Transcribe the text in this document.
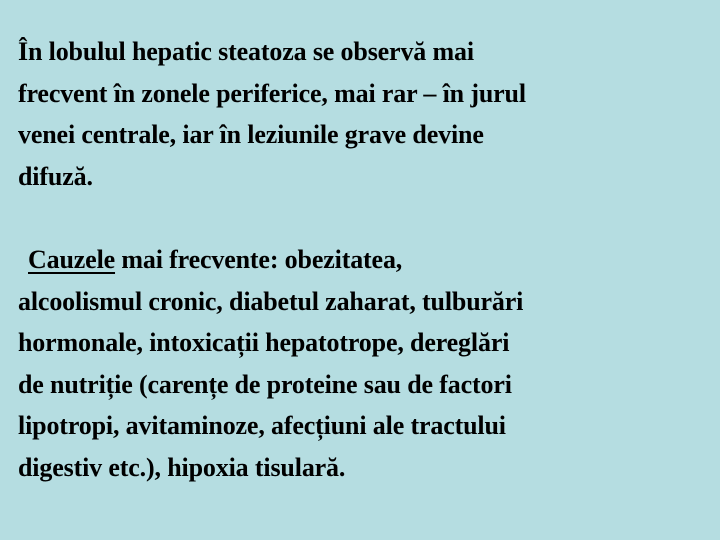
În lobulul hepatic steatoza se observă mai
frecvent în zonele periferice, mai rar – în jurul
venei centrale, iar în leziunile grave devine
difuză.

Cauzele mai frecvente: obezitatea,
alcoolismul cronic, diabetul zaharat, tulburări
hormonale, intoxicații hepatotrope, dereglări
de nutriție (carențe de proteine sau de factori
lipotropi, avitaminoze, afecțiuni ale tractului
digestiv etc.), hipoxia tisulară.
